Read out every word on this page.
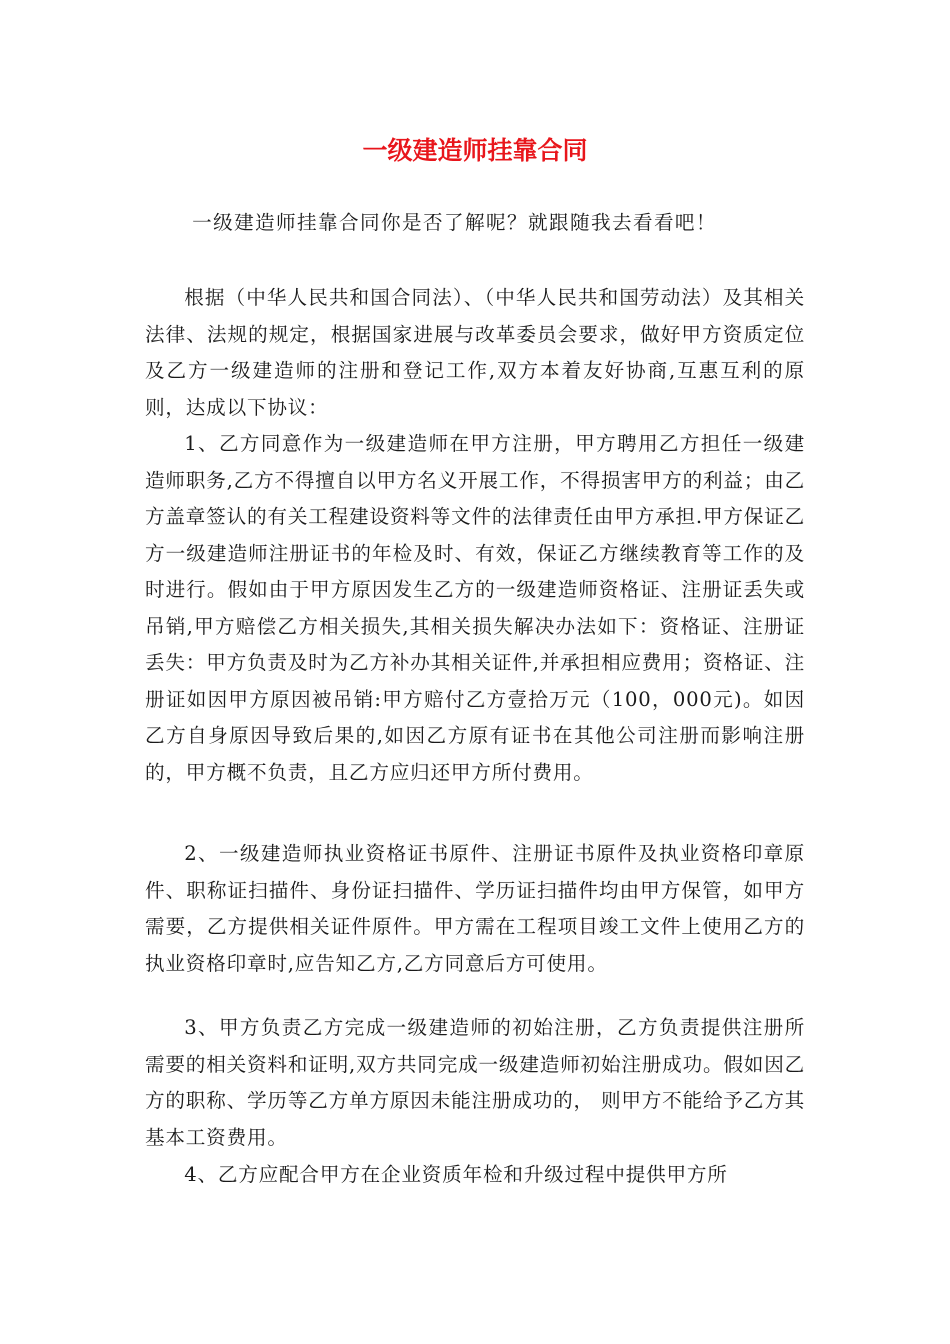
一级建造师挂靠合同

一级建造师挂靠合同你是否了解呢？就跟随我去看看吧！

根据（中华人民共和国合同法）、（中华人民共和国劳动法）及其相关法律、法规的规定，根据国家进展与改革委员会要求，做好甲方资质定位及乙方一级建造师的注册和登记工作,双方本着友好协商,互惠互利的原则，达成以下协议：

1、乙方同意作为一级建造师在甲方注册，甲方聘用乙方担任一级建造师职务,乙方不得擅自以甲方名义开展工作，不得损害甲方的利益；由乙方盖章签认的有关工程建设资料等文件的法律责任由甲方承担.甲方保证乙方一级建造师注册证书的年检及时、有效，保证乙方继续教育等工作的及时进行。假如由于甲方原因发生乙方的一级建造师资格证、注册证丢失或吊销,甲方赔偿乙方相关损失,其相关损失解决办法如下：资格证、注册证丢失：甲方负责及时为乙方补办其相关证件,并承担相应费用；资格证、注册证如因甲方原因被吊销:甲方赔付乙方壹拾万元（100，000元)。如因乙方自身原因导致后果的,如因乙方原有证书在其他公司注册而影响注册的，甲方概不负责，且乙方应归还甲方所付费用。

2、一级建造师执业资格证书原件、注册证书原件及执业资格印章原件、职称证扫描件、身份证扫描件、学历证扫描件均由甲方保管，如甲方需要，乙方提供相关证件原件。甲方需在工程项目竣工文件上使用乙方的执业资格印章时,应告知乙方,乙方同意后方可使用。

3、甲方负责乙方完成一级建造师的初始注册，乙方负责提供注册所需要的相关资料和证明,双方共同完成一级建造师初始注册成功。假如因乙方的职称、学历等乙方单方原因未能注册成功的， 则甲方不能给予乙方其基本工资费用。

4、乙方应配合甲方在企业资质年检和升级过程中提供甲方所
